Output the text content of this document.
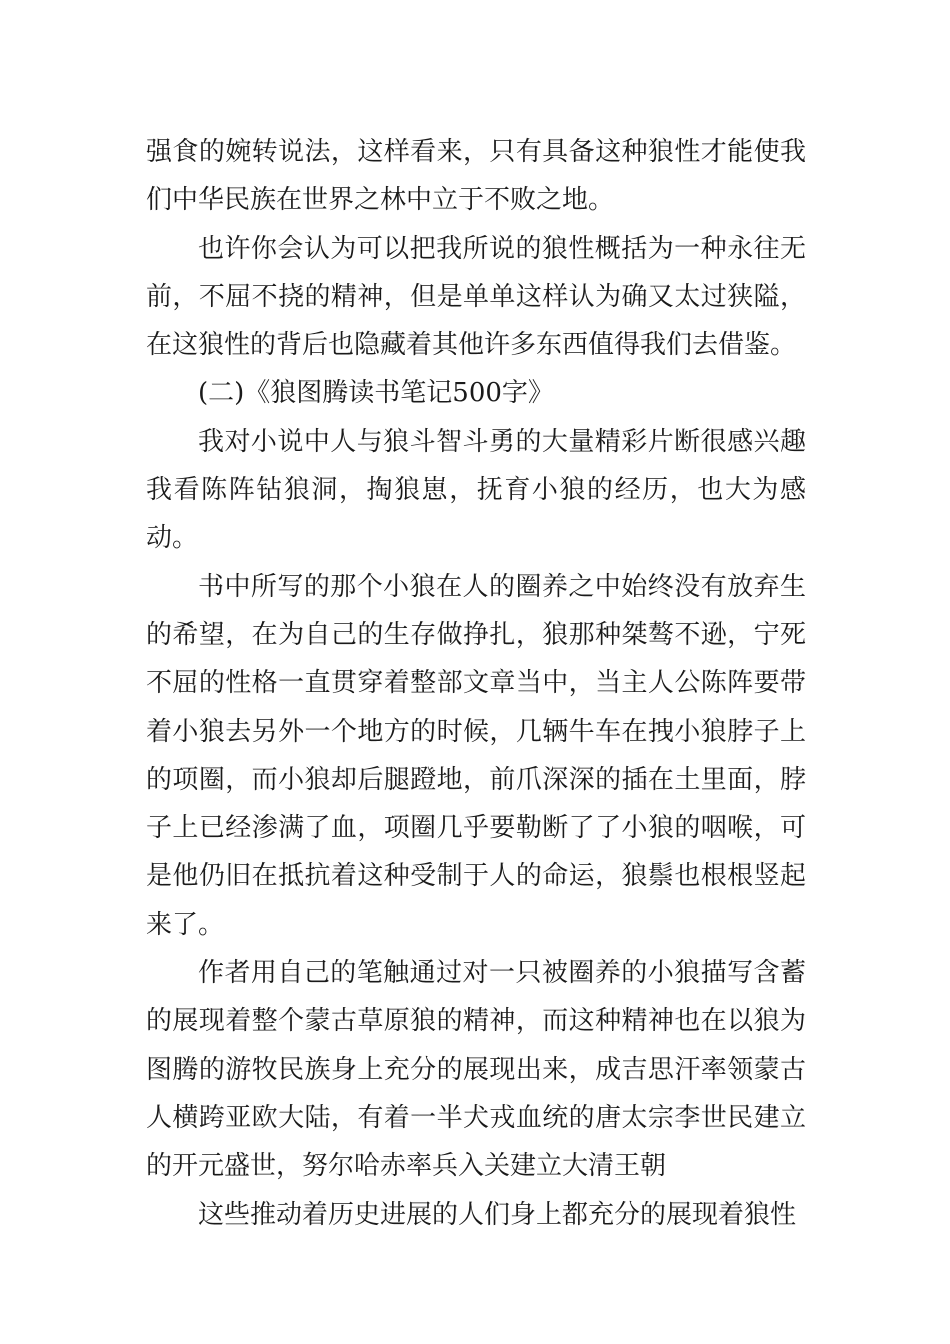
强食的婉转说法，这样看来，只有具备这种狼性才能使我们中华民族在世界之林中立于不败之地。

也许你会认为可以把我所说的狼性概括为一种永往无前，不屈不挠的精神，但是单单这样认为确又太过狭隘，在这狼性的背后也隐藏着其他许多东西值得我们去借鉴。

(二)《狼图腾读书笔记500字》

我对小说中人与狼斗智斗勇的大量精彩片断很感兴趣我看陈阵钻狼洞，掏狼崽，抚育小狼的经历，也大为感动。

书中所写的那个小狼在人的圈养之中始终没有放弃生的希望，在为自己的生存做挣扎，狼那种桀骜不逊，宁死不屈的性格一直贯穿着整部文章当中，当主人公陈阵要带着小狼去另外一个地方的时候，几辆牛车在拽小狼脖子上的项圈，而小狼却后腿蹬地，前爪深深的插在土里面，脖子上已经渗满了血，项圈几乎要勒断了了小狼的咽喉，可是他仍旧在抵抗着这种受制于人的命运，狼鬃也根根竖起来了。

作者用自己的笔触通过对一只被圈养的小狼描写含蓄的展现着整个蒙古草原狼的精神，而这种精神也在以狼为图腾的游牧民族身上充分的展现出来，成吉思汗率领蒙古人横跨亚欧大陆，有着一半犬戎血统的唐太宗李世民建立的开元盛世，努尔哈赤率兵入关建立大清王朝

这些推动着历史进展的人们身上都充分的展现着狼性
